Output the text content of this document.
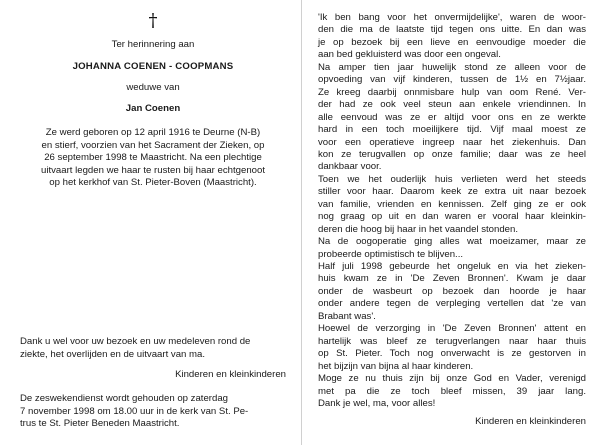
†
Ter herinnering aan
JOHANNA COENEN - COOPMANS
weduwe van
Jan Coenen
Ze werd geboren op 12 april 1916 te Deurne (N-B)
en stierf, voorzien van het Sacrament der Zieken, op
26 september 1998 te Maastricht. Na een plechtige
uitvaart legden we haar te rusten bij haar echtgenoot
op het kerkhof van St. Pieter-Boven (Maastricht).
Dank u wel voor uw bezoek en uw medeleven rond de
ziekte, het overlijden en de uitvaart van ma.
Kinderen en kleinkinderen
De zeswekendienst wordt gehouden op zaterdag
7 november 1998 om 18.00 uur in de kerk van St. Pe-
trus te St. Pieter Beneden Maastricht.
'Ik ben bang voor het onvermijdelijke', waren de woor-
den die ma de laatste tijd tegen ons uitte. En dan was
je op bezoek bij een lieve en eenvoudige moeder die
aan bed gekluisterd was door een ongeval.
Na amper tien jaar huwelijk stond ze alleen voor de
opvoeding van vijf kinderen, tussen de 1½ en 7½jaar.
Ze kreeg daarbij onnmisbare hulp van oom René. Ver-
der had ze ook veel steun aan enkele vriendinnen. In
alle eenvoud was ze er altijd voor ons en ze werkte
hard in een toch moeilijkere tijd. Vijf maal moest ze
voor een operatieve ingreep naar het ziekenhuis. Dan
kon ze terugvallen op onze familie; daar was ze heel
dankbaar voor.
Toen we het ouderlijk huis verlieten werd het steeds
stiller voor haar. Daarom keek ze extra uit naar bezoek
van familie, vrienden en kennissen. Zelf ging ze er ook
nog graag op uit en dan waren er vooral haar kleinkin-
deren die hoog bij haar in het vaandel stonden.
Na de oogoperatie ging alles wat moeizamer, maar ze
probeerde optimistisch te blijven...
Half juli 1998 gebeurde het ongeluk en via het zieken-
huis kwam ze in 'De Zeven Bronnen'. Kwam je daar
onder de wasbeurt op bezoek dan hoorde je haar
onder andere tegen de verpleging vertellen dat 'ze van
Brabant was'.
Hoewel de verzorging in 'De Zeven Bronnen' attent en
hartelijk was bleef ze terugverlangen naar haar thuis
op St. Pieter. Toch nog onverwacht is ze gestorven in
het bijzijn van bijna al haar kinderen.
Moge ze nu thuis zijn bij onze God en Vader, verenigd
met pa die ze toch bleef missen, 39 jaar lang.
Dank je wel, ma, voor alles!
Kinderen en kleinkinderen
